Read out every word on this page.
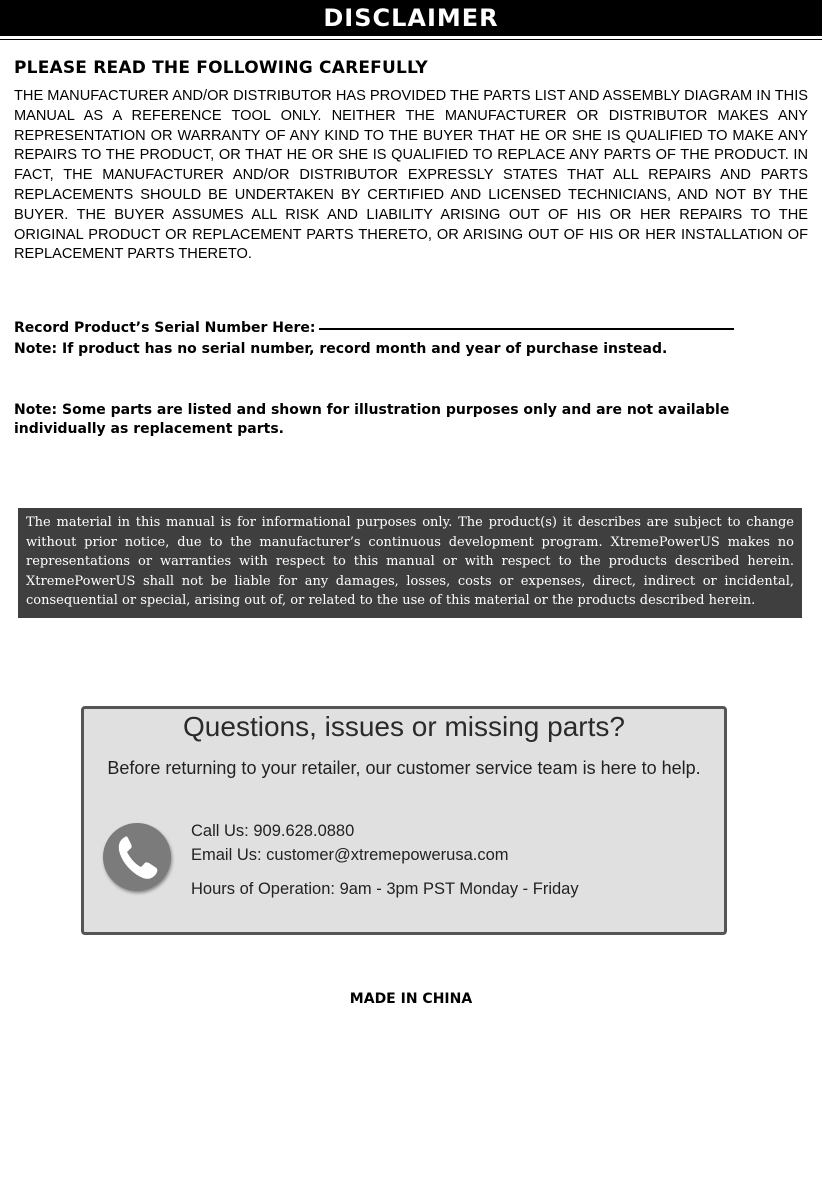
DISCLAIMER
PLEASE READ THE FOLLOWING CAREFULLY

THE MANUFACTURER AND/OR DISTRIBUTOR HAS PROVIDED THE PARTS LIST AND ASSEMBLY DIAGRAM IN THIS MANUAL AS A REFERENCE TOOL ONLY. NEITHER THE MANUFACTURER OR DISTRIBUTOR MAKES ANY REPRESENTATION OR WARRANTY OF ANY KIND TO THE BUYER THAT HE OR SHE IS QUALIFIED TO MAKE ANY REPAIRS TO THE PRODUCT, OR THAT HE OR SHE IS QUALIFIED TO REPLACE ANY PARTS OF THE PRODUCT. IN FACT, THE MANUFACTURER AND/OR DISTRIBUTOR EXPRESSLY STATES THAT ALL REPAIRS AND PARTS REPLACEMENTS SHOULD BE UNDERTAKEN BY CERTIFIED AND LICENSED TECHNICIANS, AND NOT BY THE BUYER. THE BUYER ASSUMES ALL RISK AND LIABILITY ARISING OUT OF HIS OR HER REPAIRS TO THE ORIGINAL PRODUCT OR REPLACEMENT PARTS THERETO, OR ARISING OUT OF HIS OR HER INSTALLATION OF REPLACEMENT PARTS THERETO.

Record Product’s Serial Number Here:

Note: If product has no serial number, record month and year of purchase instead.

Note: Some parts are listed and shown for illustration purposes only and are not available individually as replacement parts.

The material in this manual is for informational purposes only. The product(s) it describes are subject to change without prior notice, due to the manufacturer’s continuous development program. XtremePowerUS makes no representations or warranties with respect to this manual or with respect to the products described herein. XtremePowerUS shall not be liable for any damages, losses, costs or expenses, direct, indirect or incidental, consequential or special, arising out of, or related to the use of this material or the products described herein.
Questions, issues or missing parts?
Before returning to your retailer, our customer service team is here to help.
Call Us: 909.628.0880
Email Us: customer@xtremepowerusa.com
Hours of Operation: 9am - 3pm PST Monday - Friday
MADE IN CHINA
